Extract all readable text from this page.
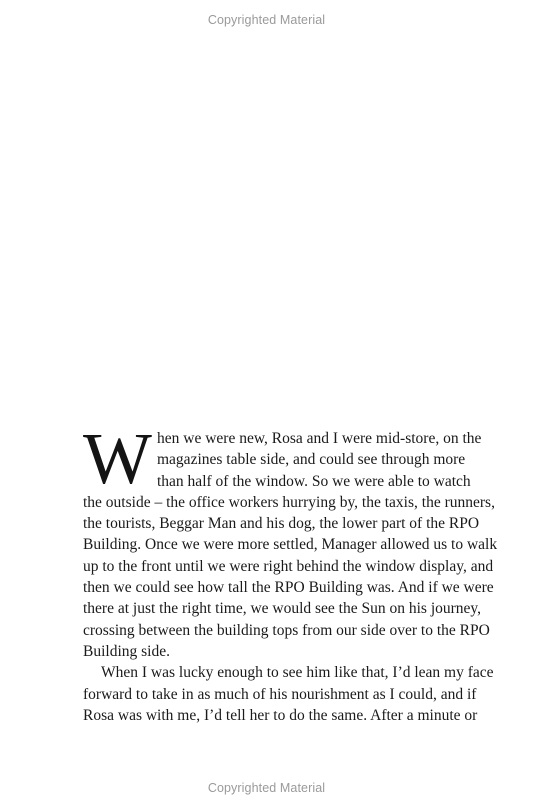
Copyrighted Material
W hen we were new, Rosa and I were mid-store, on the
magazines table side, and could see through more
than half of the window. So we were able to watch
the outside – the office workers hurrying by, the taxis, the runners,
the tourists, Beggar Man and his dog, the lower part of the RPO
Building. Once we were more settled, Manager allowed us to walk
up to the front until we were right behind the window display, and
then we could see how tall the RPO Building was. And if we were
there at just the right time, we would see the Sun on his journey,
crossing between the building tops from our side over to the RPO
Building side.
When I was lucky enough to see him like that, I’d lean my face
forward to take in as much of his nourishment as I could, and if
Rosa was with me, I’d tell her to do the same. After a minute or
Copyrighted Material
